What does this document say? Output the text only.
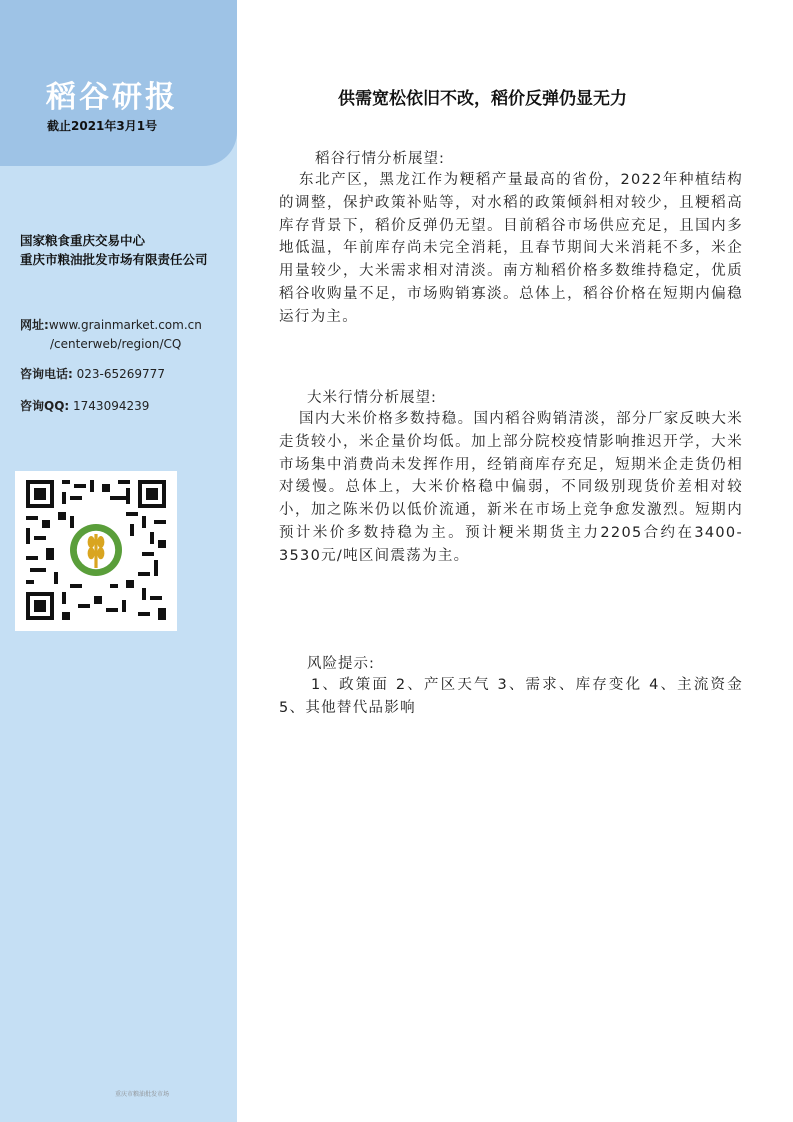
稻谷研报
截止2021年3月1号
国家粮食重庆交易中心
重庆市粮油批发市场有限责任公司
网址:www.grainmarket.com.cn
/centerweb/region/CQ
咨询电话: 023-65269777
咨询QQ: 1743094239
重庆市粮油批发市场
供需宽松依旧不改，稻价反弹仍显无力
稻谷行情分析展望:
东北产区，黑龙江作为粳稻产量最高的省份，2022年种植结构的调整，保护政策补贴等，对水稻的政策倾斜相对较少，且粳稻高库存背景下，稻价反弹仍无望。目前稻谷市场供应充足，且国内多地低温，年前库存尚未完全消耗，且春节期间大米消耗不多，米企用量较少，大米需求相对清淡。南方籼稻价格多数维持稳定，优质稻谷收购量不足，市场购销寡淡。总体上，稻谷价格在短期内偏稳运行为主。
大米行情分析展望:
国内大米价格多数持稳。国内稻谷购销清淡，部分厂家反映大米走货较小，米企量价均低。加上部分院校疫情影响推迟开学，大米市场集中消费尚未发挥作用，经销商库存充足，短期米企走货仍相对缓慢。总体上，大米价格稳中偏弱，不同级别现货价差相对较小，加之陈米仍以低价流通，新米在市场上竞争愈发激烈。短期内预计米价多数持稳为主。预计粳米期货主力2205合约在3400-3530元/吨区间震荡为主。
风险提示:
1、政策面 2、产区天气 3、需求、库存变化 4、主流资金 5、其他替代品影响
